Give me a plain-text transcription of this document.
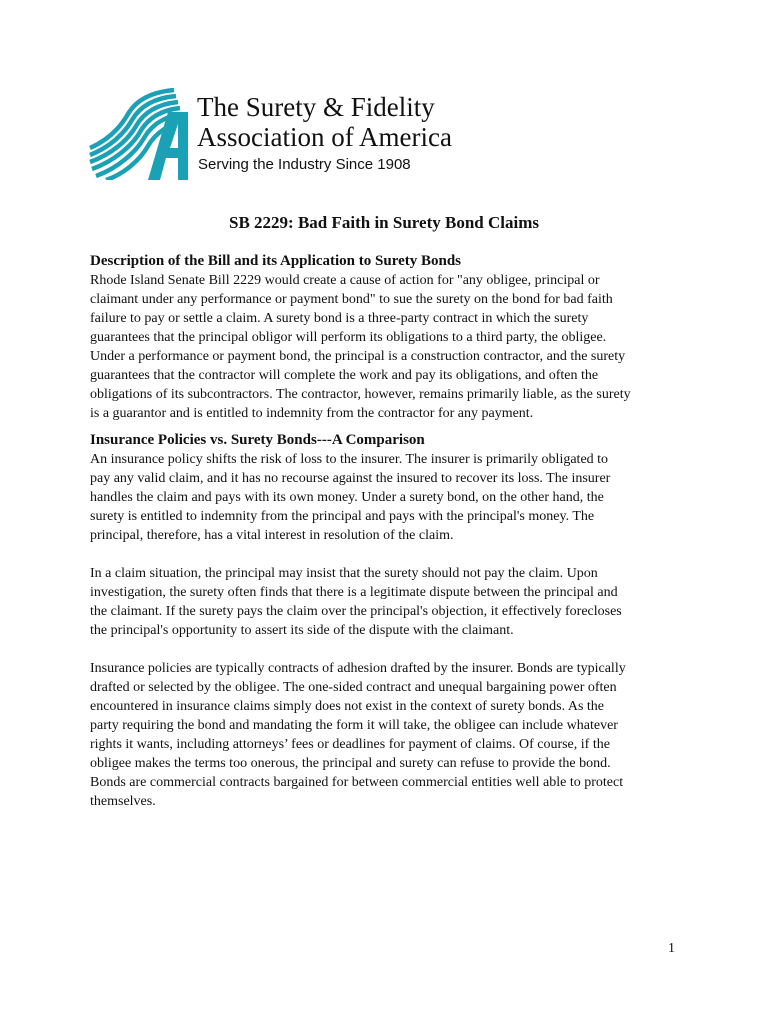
The Surety & Fidelity
Association of America
Serving the Industry Since 1908
SB 2229: Bad Faith in Surety Bond Claims
Description of the Bill and its Application to Surety Bonds

Rhode Island Senate Bill 2229 would create a cause of action for "any obligee, principal or
claimant under any performance or payment bond" to sue the surety on the bond for bad faith
failure to pay or settle a claim. A surety bond is a three-party contract in which the surety
guarantees that the principal obligor will perform its obligations to a third party, the obligee.
Under a performance or payment bond, the principal is a construction contractor, and the surety
guarantees that the contractor will complete the work and pay its obligations, and often the
obligations of its subcontractors. The contractor, however, remains primarily liable, as the surety
is a guarantor and is entitled to indemnity from the contractor for any payment.

Insurance Policies vs. Surety Bonds---A Comparison

An insurance policy shifts the risk of loss to the insurer. The insurer is primarily obligated to
pay any valid claim, and it has no recourse against the insured to recover its loss. The insurer
handles the claim and pays with its own money. Under a surety bond, on the other hand, the
surety is entitled to indemnity from the principal and pays with the principal's money. The
principal, therefore, has a vital interest in resolution of the claim.

In a claim situation, the principal may insist that the surety should not pay the claim. Upon
investigation, the surety often finds that there is a legitimate dispute between the principal and
the claimant. If the surety pays the claim over the principal's objection, it effectively forecloses
the principal's opportunity to assert its side of the dispute with the claimant.

Insurance policies are typically contracts of adhesion drafted by the insurer. Bonds are typically
drafted or selected by the obligee. The one-sided contract and unequal bargaining power often
encountered in insurance claims simply does not exist in the context of surety bonds. As the
party requiring the bond and mandating the form it will take, the obligee can include whatever
rights it wants, including attorneys’ fees or deadlines for payment of claims. Of course, if the
obligee makes the terms too onerous, the principal and surety can refuse to provide the bond.
Bonds are commercial contracts bargained for between commercial entities well able to protect
themselves.

1
